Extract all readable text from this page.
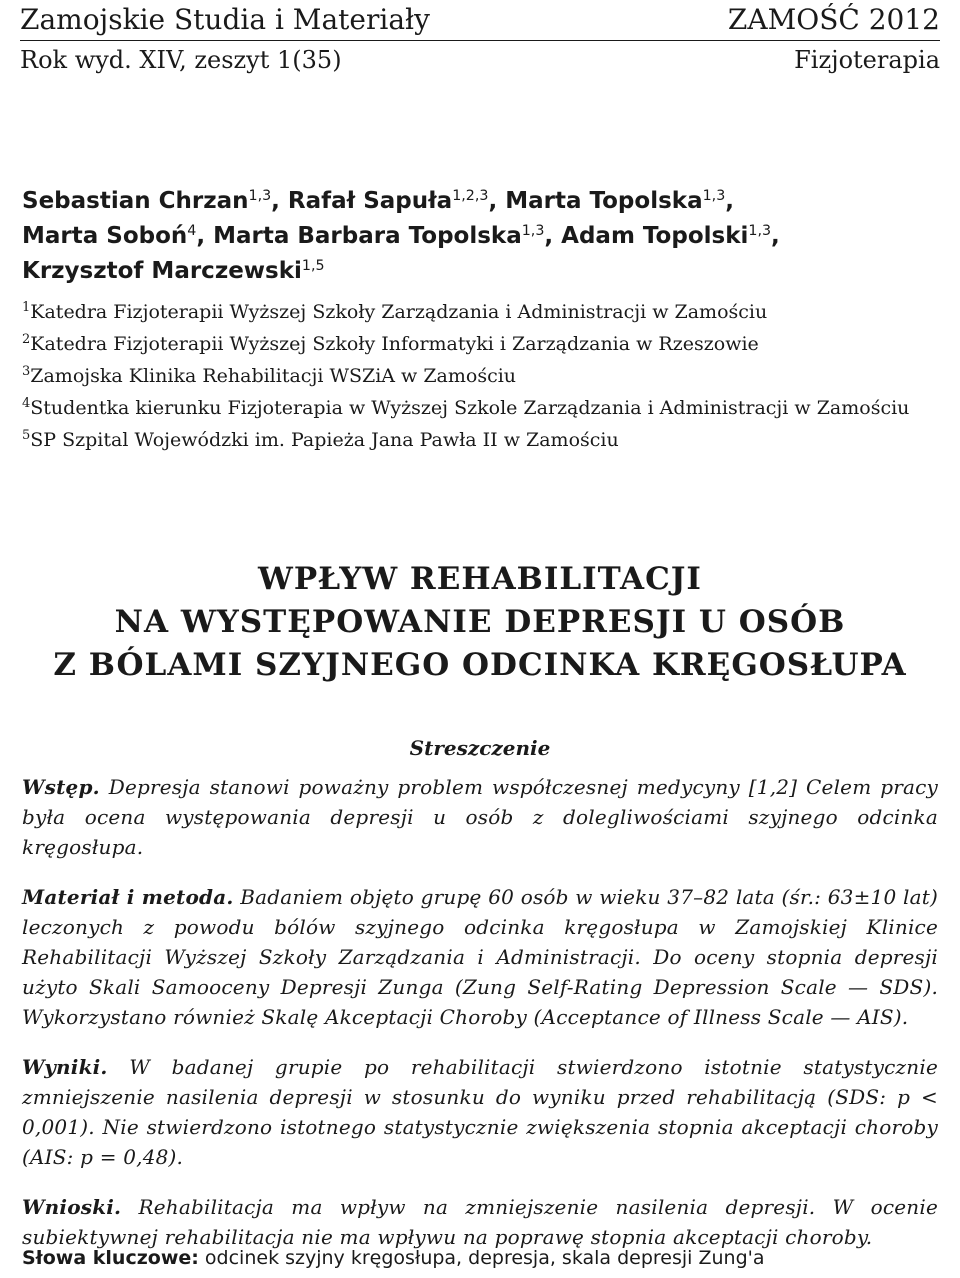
Zamojskie Studia i Materiały	ZAMOŚĆ 2012
Rok wyd. XIV, zeszyt 1(35)	Fizjoterapia
Sebastian Chrzan$^{1,3}$, Rafał Sapuła$^{1,2,3}$, Marta Topolska$^{1,3}$,
Marta Soboń$^4$, Marta Barbara Topolska$^{1,3}$, Adam Topolski$^{1,3}$,
Krzysztof Marczewski$^{1,5}$
$^1$Katedra Fizjoterapii Wyższej Szkoły Zarządzania i Administracji w Zamościu
$^2$Katedra Fizjoterapii Wyższej Szkoły Informatyki i Zarządzania w Rzeszowie
$^3$Zamojska Klinika Rehabilitacji WSZiA w Zamościu
$^4$Studentka kierunku Fizjoterapia w Wyższej Szkole Zarządzania i Administracji w Zamościu
$^5$SP Szpital Wojewódzki im. Papieża Jana Pawła II w Zamościu
WPŁYW REHABILITACJI
NA WYSTĘPOWANIE DEPRESJI U OSÓB
Z BÓLAMI SZYJNEGO ODCINKA KRĘGOSŁUPA
Streszczenie

Wstęp. Depresja stanowi poważny problem współczesnej medycyny [1,2] Celem pracy była ocena występowania depresji u osób z dolegliwościami szyjnego odcinka kręgosłupa.

Materiał i metoda. Badaniem objęto grupę 60 osób w wieku 37–82 lata (śr.: 63±10 lat) leczonych z powodu bólów szyjnego odcinka kręgosłupa w Zamojskiej Klinice Rehabilitacji Wyższej Szkoły Zarządzania i Administracji. Do oceny stopnia depresji użyto Skali Samooceny Depresji Zunga (Zung Self-Rating Depression Scale — SDS). Wykorzystano również Skalę Akceptacji Choroby (Acceptance of Illness Scale — AIS).

Wyniki. W badanej grupie po rehabilitacji stwierdzono istotnie statystycznie zmniejszenie nasilenia depresji w stosunku do wyniku przed rehabilitacją (SDS: p < 0,001). Nie stwierdzono istotnego statystycznie zwiększenia stopnia akceptacji choroby (AIS: p = 0,48).

Wnioski. Rehabilitacja ma wpływ na zmniejszenie nasilenia depresji. W ocenie subiektywnej rehabilitacja nie ma wpływu na poprawę stopnia akceptacji choroby.

Słowa kluczowe: odcinek szyjny kręgosłupa, depresja, skala depresji Zung'a
